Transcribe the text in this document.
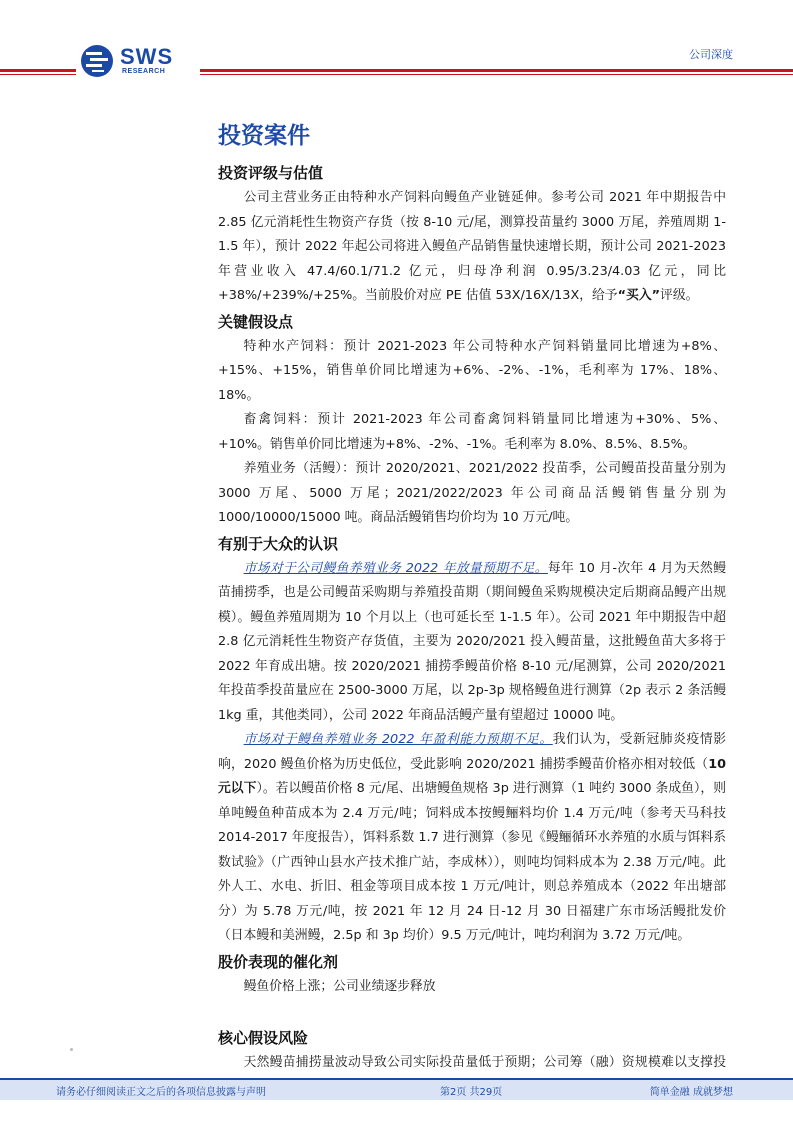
SWS
RESEARCH
公司深度
投资案件
投资评级与估值

公司主营业务正由特种水产饲料向鳗鱼产业链延伸。参考公司 2021 年中期报告中 2.85 亿元消耗性生物资产存货（按 8-10 元/尾，测算投苗量约 3000 万尾，养殖周期 1-1.5 年），预计 2022 年起公司将进入鳗鱼产品销售量快速增长期，预计公司 2021-2023 年营业收入 47.4/60.1/71.2 亿元，归母净利润 0.95/3.23/4.03 亿元，同比 +38%/+239%/+25%。当前股价对应 PE 估值 53X/16X/13X，给予“买入”评级。

关键假设点

特种水产饲料：预计 2021-2023 年公司特种水产饲料销量同比增速为+8%、+15%、+15%，销售单价同比增速为+6%、-2%、-1%，毛利率为 17%、18%、18%。

畜禽饲料：预计 2021-2023 年公司畜禽饲料销量同比增速为+30%、5%、+10%。销售单价同比增速为+8%、-2%、-1%。毛利率为 8.0%、8.5%、8.5%。

养殖业务（活鳗）：预计 2020/2021、2021/2022 投苗季，公司鳗苗投苗量分别为 3000 万尾、5000 万尾；2021/2022/2023 年公司商品活鳗销售量分别为 1000/10000/15000 吨。商品活鳗销售均价均为 10 万元/吨。

有别于大众的认识

市场对于公司鳗鱼养殖业务 2022 年放量预期不足。每年 10 月-次年 4 月为天然鳗苗捕捞季，也是公司鳗苗采购期与养殖投苗期（期间鳗鱼采购规模决定后期商品鳗产出规模）。鳗鱼养殖周期为 10 个月以上（也可延长至 1-1.5 年）。公司 2021 年中期报告中超 2.8 亿元消耗性生物资产存货值，主要为 2020/2021 投入鳗苗量，这批鳗鱼苗大多将于 2022 年育成出塘。按 2020/2021 捕捞季鳗苗价格 8-10 元/尾测算，公司 2020/2021 年投苗季投苗量应在 2500-3000 万尾，以 2p-3p 规格鳗鱼进行测算（2p 表示 2 条活鳗 1kg 重，其他类同），公司 2022 年商品活鳗产量有望超过 10000 吨。

市场对于鳗鱼养殖业务 2022 年盈利能力预期不足。我们认为，受新冠肺炎疫情影响，2020 鳗鱼价格为历史低位，受此影响 2020/2021 捕捞季鳗苗价格亦相对较低（10 元以下）。若以鳗苗价格 8 元/尾、出塘鳗鱼规格 3p 进行测算（1 吨约 3000 条成鱼），则单吨鳗鱼种苗成本为 2.4 万元/吨；饲料成本按鳗鲡料均价 1.4 万元/吨（参考天马科技 2014-2017 年度报告），饵料系数 1.7 进行测算（参见《鳗鲡循环水养殖的水质与饵料系数试验》（广西钟山县水产技术推广站，李成林）），则吨均饲料成本为 2.38 万元/吨。此外人工、水电、折旧、租金等项目成本按 1 万元/吨计，则总养殖成本（2022 年出塘部分）为 5.78 万元/吨，按 2021 年 12 月 24 日-12 月 30 日福建广东市场活鳗批发价（日本鳗和美洲鳗，2.5p 和 3p 均价）9.5 万元/吨计，吨均利润为 3.72 万元/吨。

股价表现的催化剂

鳗鱼价格上涨；公司业绩逐步释放

核心假设风险

天然鳗苗捕捞量波动导致公司实际投苗量低于预期；公司筹（融）资规模难以支撑投

请务必仔细阅读正文之后的各项信息披露与声明	第2页 共29页	简单金融 成就梦想
